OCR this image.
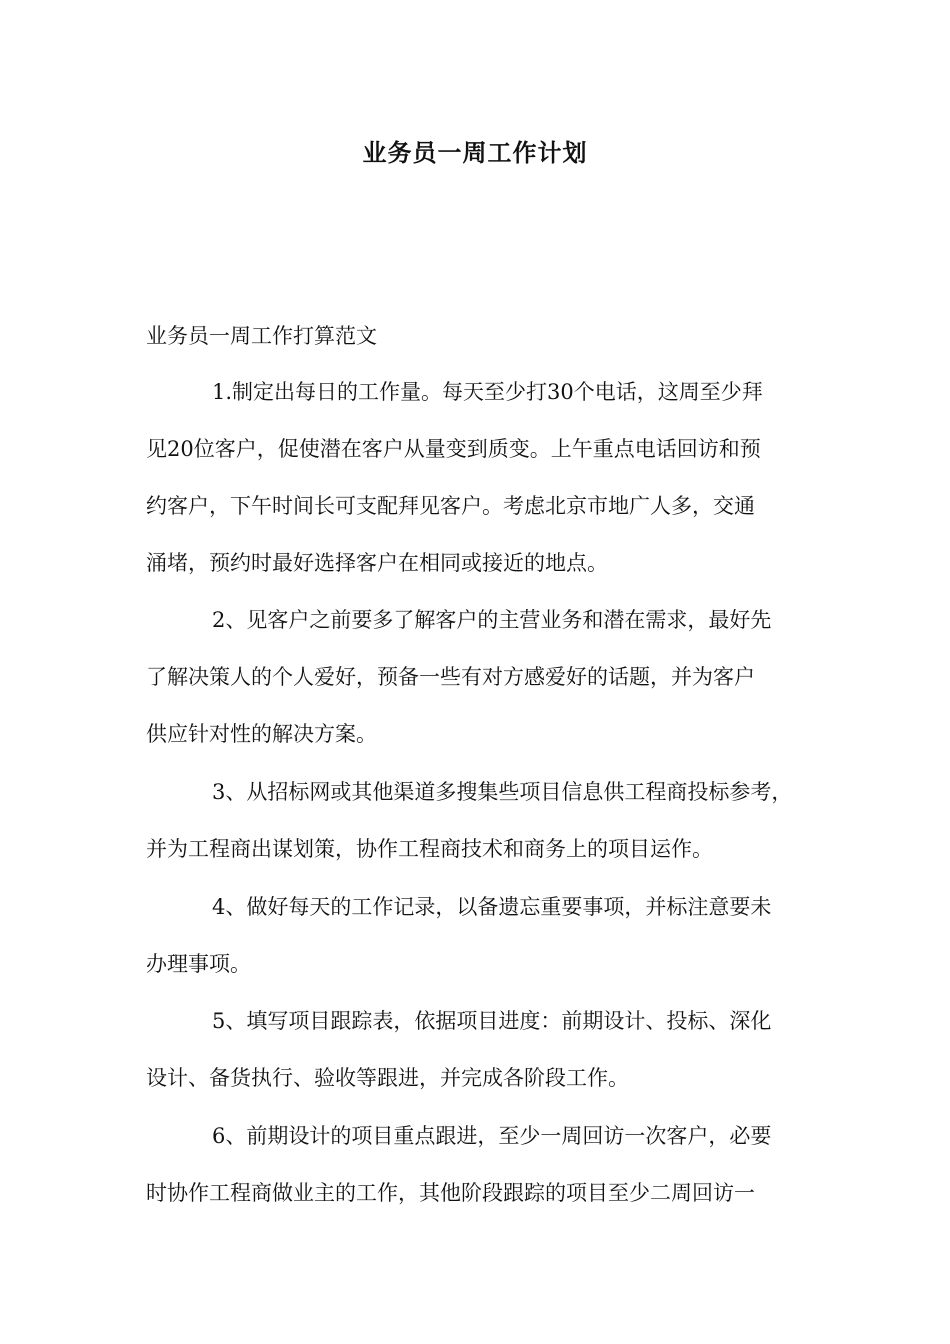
业务员一周工作计划
业务员一周工作打算范文
1.制定出每日的工作量。每天至少打30个电话，这周至少拜
见20位客户，促使潜在客户从量变到质变。上午重点电话回访和预
约客户，下午时间长可支配拜见客户。考虑北京市地广人多，交通
涌堵，预约时最好选择客户在相同或接近的地点。
2、见客户之前要多了解客户的主营业务和潜在需求，最好先
了解决策人的个人爱好，预备一些有对方感爱好的话题，并为客户
供应针对性的解决方案。
3、从招标网或其他渠道多搜集些项目信息供工程商投标参考，
并为工程商出谋划策，协作工程商技术和商务上的项目运作。
4、做好每天的工作记录，以备遗忘重要事项，并标注意要未
办理事项。
5、填写项目跟踪表，依据项目进度：前期设计、投标、深化
设计、备货执行、验收等跟进，并完成各阶段工作。
6、前期设计的项目重点跟进，至少一周回访一次客户，必要
时协作工程商做业主的工作，其他阶段跟踪的项目至少二周回访一
